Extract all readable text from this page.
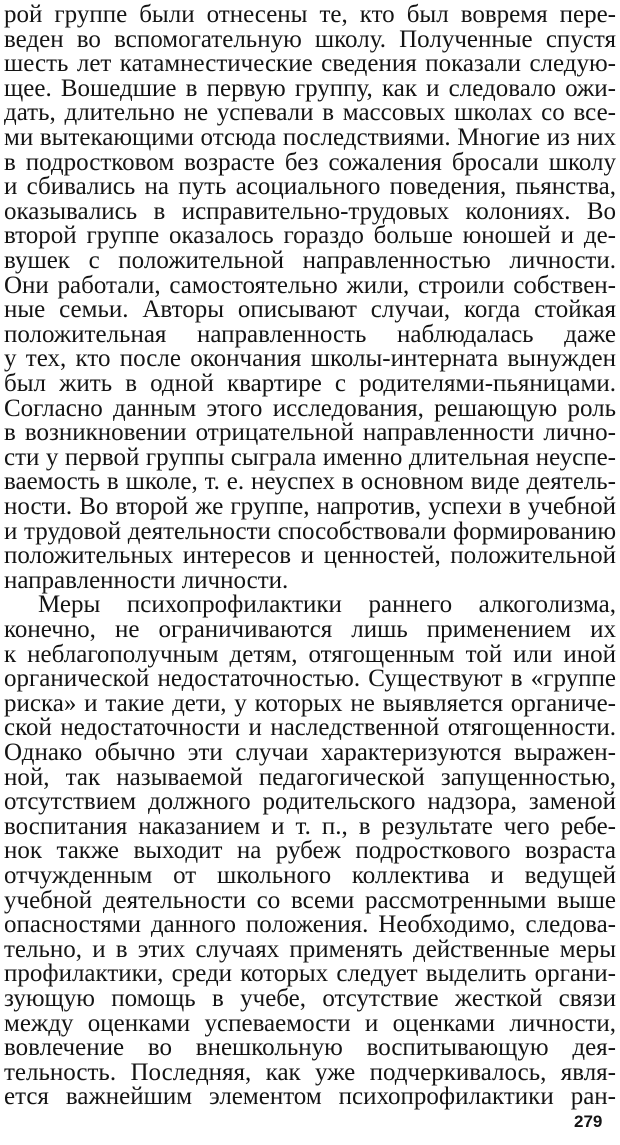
рой группе были отнесены те, кто был вовремя пере-
веден во вспомогательную школу. Полученные спустя
шесть лет катамнестические сведения показали следую-
щее. Вошедшие в первую группу, как и следовало ожи-
дать, длительно не успевали в массовых школах со все-
ми вытекающими отсюда последствиями. Многие из них
в подростковом возрасте без сожаления бросали школу
и сбивались на путь асоциального поведения, пьянства,
оказывались в исправительно-трудовых колониях. Во
второй группе оказалось гораздо больше юношей и де-
вушек с положительной направленностью личности.
Они работали, самостоятельно жили, строили собствен-
ные семьи. Авторы описывают случаи, когда стойкая
положительная направленность наблюдалась даже
у тех, кто после окончания школы-интерната вынужден
был жить в одной квартире с родителями-пьяницами.
Согласно данным этого исследования, решающую роль
в возникновении отрицательной направленности лично-
сти у первой группы сыграла именно длительная неуспе-
ваемость в школе, т. е. неуспех в основном виде деятель-
ности. Во второй же группе, напротив, успехи в учебной
и трудовой деятельности способствовали формированию
положительных интересов и ценностей, положительной
направленности личности.
Меры психопрофилактики раннего алкоголизма,
конечно, не ограничиваются лишь применением их
к неблагополучным детям, отягощенным той или иной
органической недостаточностью. Существуют в «группе
риска» и такие дети, у которых не выявляется органиче-
ской недостаточности и наследственной отягощенности.
Однако обычно эти случаи характеризуются выражен-
ной, так называемой педагогической запущенностью,
отсутствием должного родительского надзора, заменой
воспитания наказанием и т. п., в результате чего ребе-
нок также выходит на рубеж подросткового возраста
отчужденным от школьного коллектива и ведущей
учебной деятельности со всеми рассмотренными выше
опасностями данного положения. Необходимо, следова-
тельно, и в этих случаях применять действенные меры
профилактики, среди которых следует выделить органи-
зующую помощь в учебе, отсутствие жесткой связи
между оценками успеваемости и оценками личности,
вовлечение во внешкольную воспитывающую дея-
тельность. Последняя, как уже подчеркивалось, явля-
ется важнейшим элементом психопрофилактики ран-
279
